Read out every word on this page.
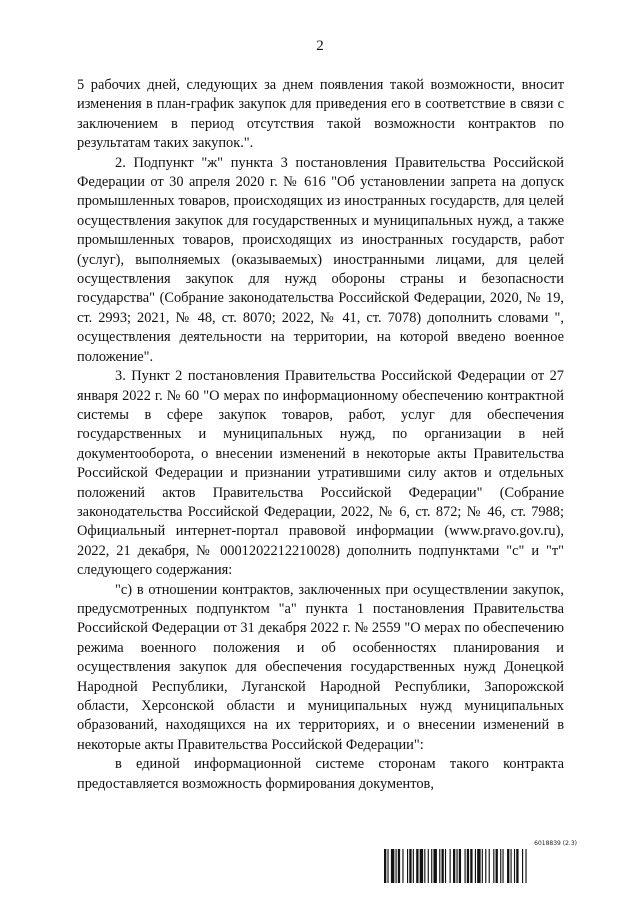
2

5 рабочих дней, следующих за днем появления такой возможности, вносит изменения в план-график закупок для приведения его в соответствие в связи с заключением в период отсутствия такой возможности контрактов по результатам таких закупок.".

2. Подпункт "ж" пункта 3 постановления Правительства Российской Федерации от 30 апреля 2020 г. № 616 "Об установлении запрета на допуск промышленных товаров, происходящих из иностранных государств, для целей осуществления закупок для государственных и муниципальных нужд, а также промышленных товаров, происходящих из иностранных государств, работ (услуг), выполняемых (оказываемых) иностранными лицами, для целей осуществления закупок для нужд обороны страны и безопасности государства" (Собрание законодательства Российской Федерации, 2020, № 19, ст. 2993; 2021, № 48, ст. 8070; 2022, № 41, ст. 7078) дополнить словами ", осуществления деятельности на территории, на которой введено военное положение".

3. Пункт 2 постановления Правительства Российской Федерации от 27 января 2022 г. № 60 "О мерах по информационному обеспечению контрактной системы в сфере закупок товаров, работ, услуг для обеспечения государственных и муниципальных нужд, по организации в ней документооборота, о внесении изменений в некоторые акты Правительства Российской Федерации и признании утратившими силу актов и отдельных положений актов Правительства Российской Федерации" (Собрание законодательства Российской Федерации, 2022, № 6, ст. 872; № 46, ст. 7988; Официальный интернет-портал правовой информации (www.pravo.gov.ru), 2022, 21 декабря, № 0001202212210028) дополнить подпунктами "с" и "т" следующего содержания:

"с) в отношении контрактов, заключенных при осуществлении закупок, предусмотренных подпунктом "а" пункта 1 постановления Правительства Российской Федерации от 31 декабря 2022 г. № 2559 "О мерах по обеспечению режима военного положения и об особенностях планирования и осуществления закупок для обеспечения государственных нужд Донецкой Народной Республики, Луганской Народной Республики, Запорожской области, Херсонской области и муниципальных нужд муниципальных образований, находящихся на их территориях, и о внесении изменений в некоторые акты Правительства Российской Федерации":

в единой информационной системе сторонам такого контракта предоставляется возможность формирования документов,

6018839 (2.3)
